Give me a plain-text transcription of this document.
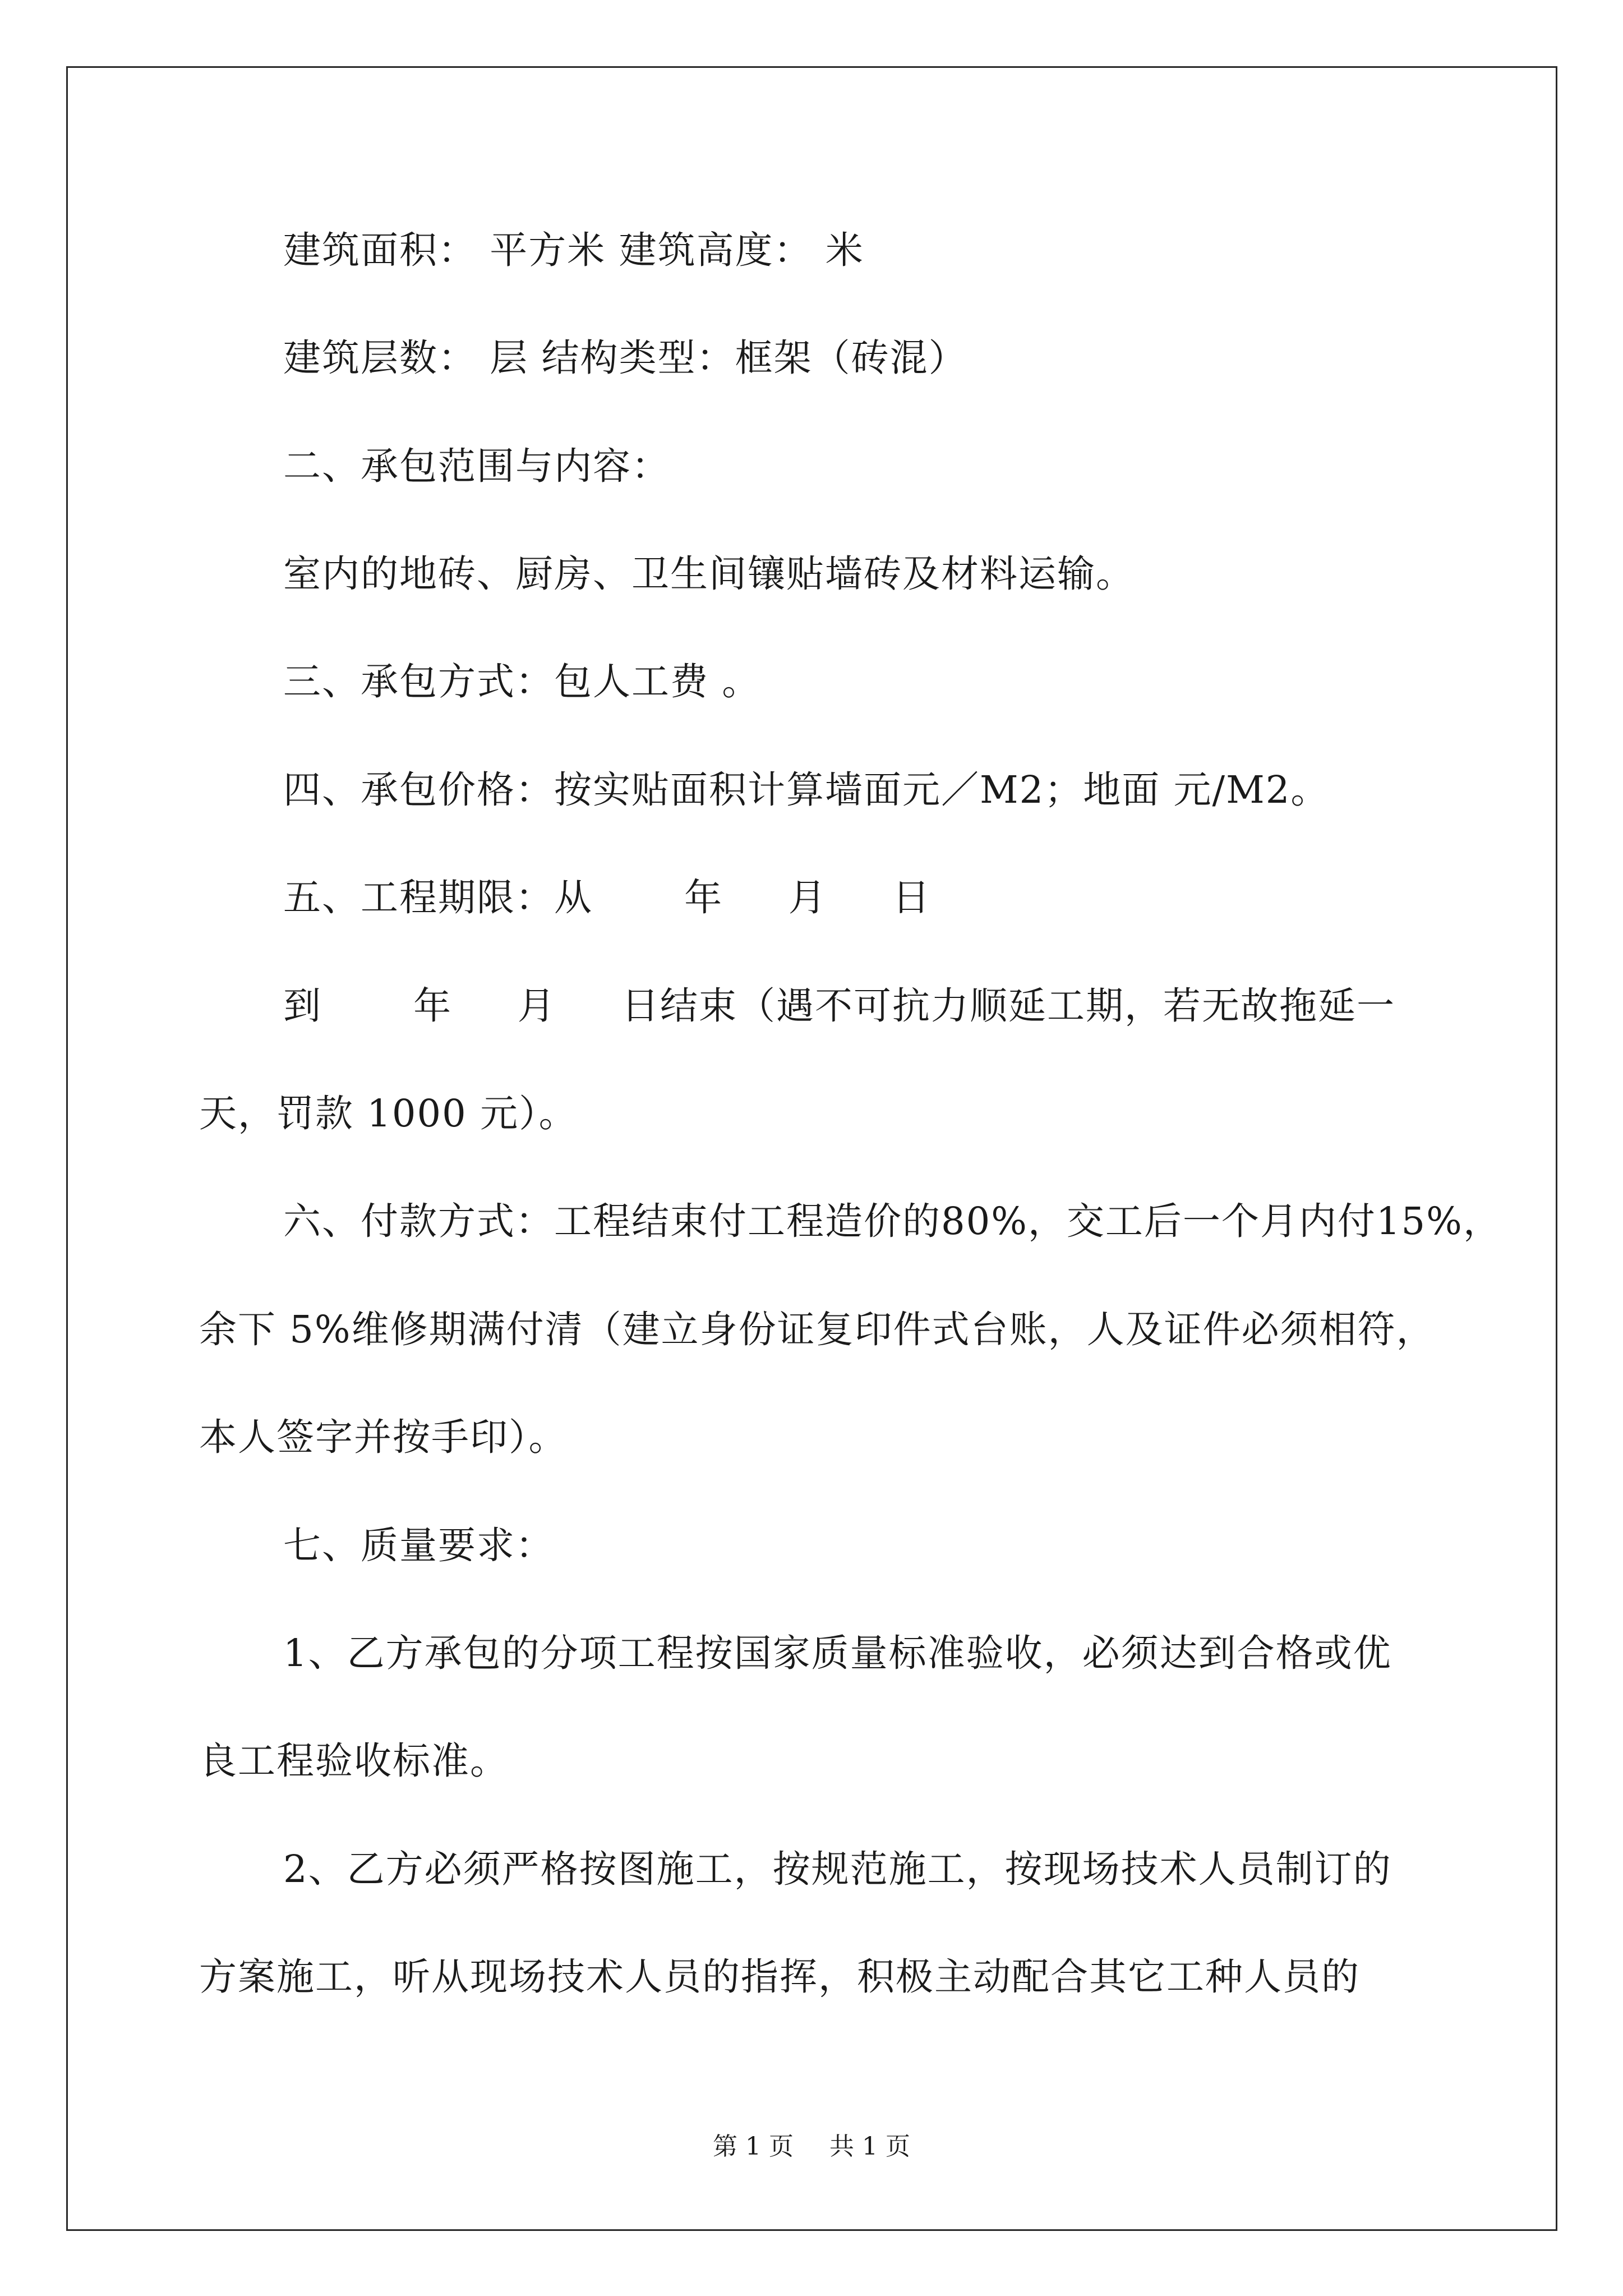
建筑面积： 平方米 建筑高度： 米
建筑层数： 层 结构类型：框架（砖混）
二、承包范围与内容：
室内的地砖、厨房、卫生间镶贴墙砖及材料运输。
三、承包方式：包人工费 。
四、承包价格：按实贴面积计算墙面元／M2；地面 元/M2。
五、工程期限：从       年     月     日
到       年     月     日结束（遇不可抗力顺延工期，若无故拖延一
天，罚款 1000 元）。
六、付款方式：工程结束付工程造价的80%，交工后一个月内付15%，
余下 5%维修期满付清（建立身份证复印件式台账，人及证件必须相符，
本人签字并按手印）。
七、质量要求：
1、乙方承包的分项工程按国家质量标准验收，必须达到合格或优
良工程验收标准。
2、乙方必须严格按图施工，按规范施工，按现场技术人员制订的
方案施工，听从现场技术人员的指挥，积极主动配合其它工种人员的
第 1 页 共 1 页
